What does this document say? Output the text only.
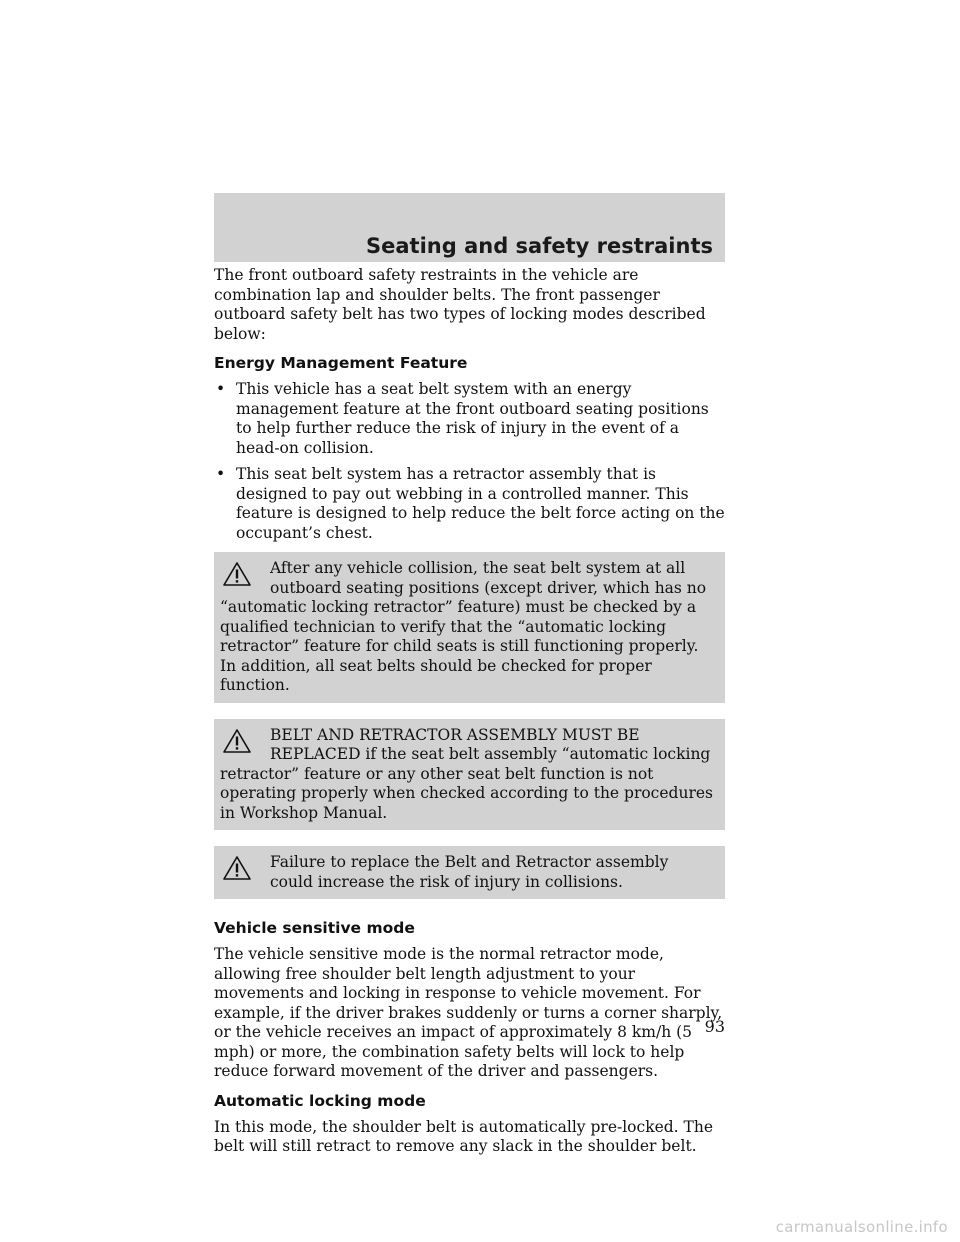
Seating and safety restraints

The front outboard safety restraints in the vehicle are combination lap and shoulder belts. The front passenger outboard safety belt has two types of locking modes described below:

Energy Management Feature
• This vehicle has a seat belt system with an energy management feature at the front outboard seating positions to help further reduce the risk of injury in the event of a head-on collision.
• This seat belt system has a retractor assembly that is designed to pay out webbing in a controlled manner. This feature is designed to help reduce the belt force acting on the occupant’s chest.

After any vehicle collision, the seat belt system at all outboard seating positions (except driver, which has no “automatic locking retractor” feature) must be checked by a qualified technician to verify that the “automatic locking retractor” feature for child seats is still functioning properly. In addition, all seat belts should be checked for proper function.

BELT AND RETRACTOR ASSEMBLY MUST BE REPLACED if the seat belt assembly “automatic locking retractor” feature or any other seat belt function is not operating properly when checked according to the procedures in Workshop Manual.

Failure to replace the Belt and Retractor assembly could increase the risk of injury in collisions.

Vehicle sensitive mode

The vehicle sensitive mode is the normal retractor mode, allowing free shoulder belt length adjustment to your movements and locking in response to vehicle movement. For example, if the driver brakes suddenly or turns a corner sharply, or the vehicle receives an impact of approximately 8 km/h (5 mph) or more, the combination safety belts will lock to help reduce forward movement of the driver and passengers.

Automatic locking mode

In this mode, the shoulder belt is automatically pre-locked. The belt will still retract to remove any slack in the shoulder belt.

93
carmanualsonline.info
